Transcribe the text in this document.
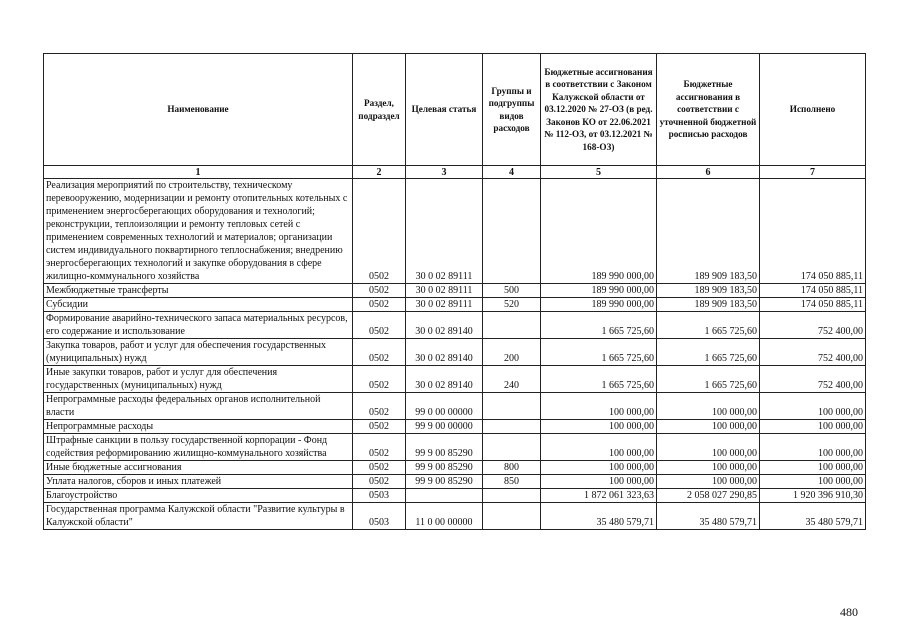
Наименование	Раздел, подраздел	Целевая статья	Группы и подгруппы видов расходов	Бюджетные ассигнования в соответствии с Законом Калужской области от 03.12.2020 № 27-ОЗ (в ред. Законов КО от 22.06.2021 № 112-ОЗ, от 03.12.2021 № 168-ОЗ)	Бюджетные ассигнования в соответствии с уточненной бюджетной росписью расходов	Исполнено
1	2	3	4	5	6	7
Реализация мероприятий по строительству, техническому перевооружению, модернизации и ремонту отопительных котельных с применением энергосберегающих оборудования и технологий; реконструкции, теплоизоляции и ремонту тепловых сетей с применением современных технологий и материалов; организации систем индивидуального поквартирного теплоснабжения; внедрению энергосберегающих технологий и закупке оборудования в сфере жилищно-коммунального хозяйства	0502	30 0 02 89111		189 990 000,00	189 909 183,50	174 050 885,11
Межбюджетные трансферты	0502	30 0 02 89111	500	189 990 000,00	189 909 183,50	174 050 885,11
Субсидии	0502	30 0 02 89111	520	189 990 000,00	189 909 183,50	174 050 885,11
Формирование аварийно-технического запаса материальных ресурсов, его содержание и использование	0502	30 0 02 89140		1 665 725,60	1 665 725,60	752 400,00
Закупка товаров, работ и услуг для обеспечения государственных (муниципальных) нужд	0502	30 0 02 89140	200	1 665 725,60	1 665 725,60	752 400,00
Иные закупки товаров, работ и услуг для обеспечения государственных (муниципальных) нужд	0502	30 0 02 89140	240	1 665 725,60	1 665 725,60	752 400,00
Непрограммные расходы федеральных органов исполнительной власти	0502	99 0 00 00000		100 000,00	100 000,00	100 000,00
Непрограммные расходы	0502	99 9 00 00000		100 000,00	100 000,00	100 000,00
Штрафные санкции в пользу государственной корпорации - Фонд содействия реформированию жилищно-коммунального хозяйства	0502	99 9 00 85290		100 000,00	100 000,00	100 000,00
Иные бюджетные ассигнования	0502	99 9 00 85290	800	100 000,00	100 000,00	100 000,00
Уплата налогов, сборов и иных платежей	0502	99 9 00 85290	850	100 000,00	100 000,00	100 000,00
Благоустройство	0503			1 872 061 323,63	2 058 027 290,85	1 920 396 910,30
Государственная программа Калужской области "Развитие культуры в Калужской области"	0503	11 0 00 00000		35 480 579,71	35 480 579,71	35 480 579,71
480
